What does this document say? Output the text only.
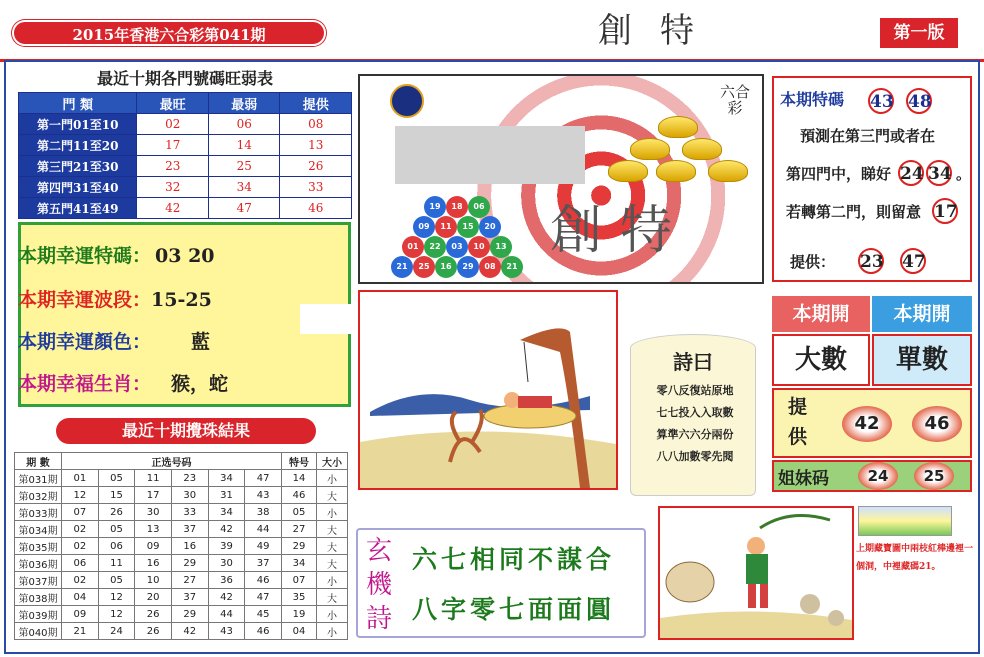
2015年香港六合彩第041期	創特	第一版
最近十期各門號碼旺弱表
門 類	最旺	最弱	提供
第一門01至10	02	06	08
第二門11至20	17	14	13
第三門21至30	23	25	26
第四門31至40	32	34	33
第五門41至49	42	47	46
本期幸運特碼： 03 20
本期幸運波段：15-25
本期幸運顏色： 藍
本期幸福生肖： 猴，蛇
最近十期攪珠結果
期 數	正选号码						特号	大小
第031期	01	05	11	23	34	47	14	小
第032期	12	15	17	30	31	43	46	大
第033期	07	26	30	33	34	38	05	小
第034期	02	05	13	37	42	44	27	大
第035期	02	06	09	16	39	49	29	大
第036期	06	11	16	29	30	37	34	大
第037期	02	05	10	27	36	46	07	小
第038期	04	12	20	37	42	47	35	大
第039期	09	12	26	29	44	45	19	小
第040期	21	24	26	42	43	46	04	小
六合彩
創特
19	18	06
09	11	15	20
01	22	03	10	13
21	25	16	29	08	21
本期特碼 43 48
預測在第三門或者在
第四門中，睇好 24 34 。
若轉第二門，則留意 17
提供： 23 47
詩曰
零八反復站原地
七七投入入取數
算準六六分兩份
八八加數零先閱
本期開	本期開
大數	單數
提供
42	46
姐妹码	24	25
玄機詩
六七相同不謀合
八字零七面面圓
上期藏寶圖中兩枝紅棒邊裡一個洞，中裡藏碼21。
